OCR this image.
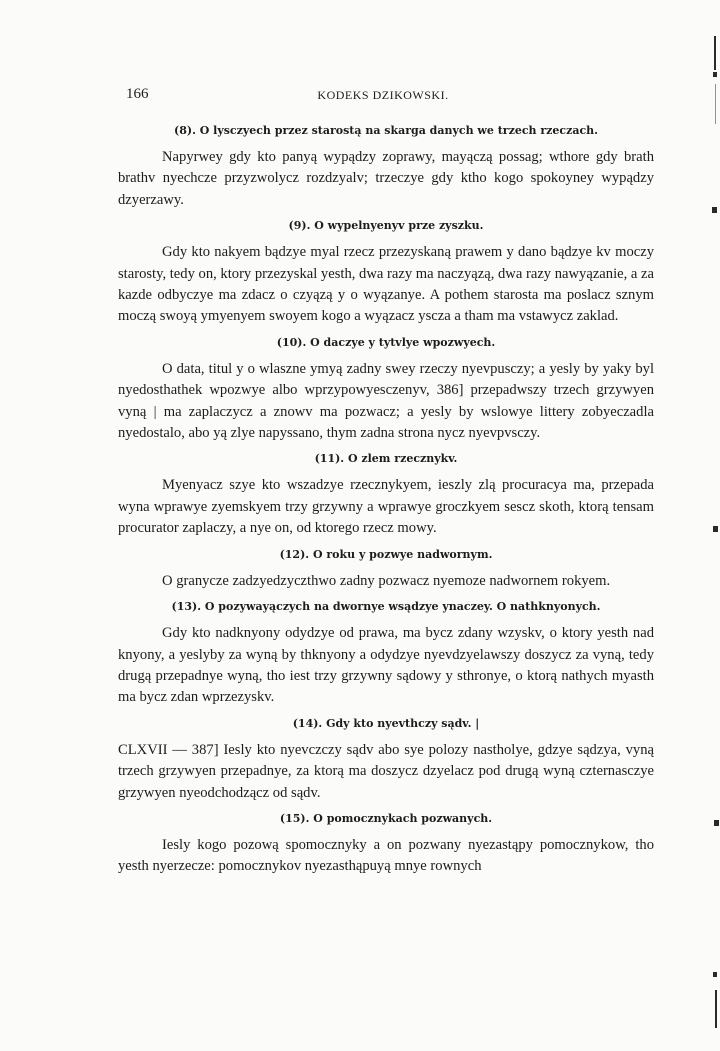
166	KODEKS DZIKOWSKI.
(8). O lysczyech przez starostą na skarga danych we trzech rzeczach.

Napyrwey gdy kto panyą wypądzy zoprawy, mayączą possag; wthore gdy brath brathv nyechcze przyzwolycz rozdzyalv; trzeczye gdy ktho kogo spokoyney wypądzy dzyerzawy.

(9). O wypelnyenyv prze zyszku.

Gdy kto nakyem bądzye myal rzecz przezyskaną prawem y dano bądzye kv moczy starosty, tedy on, ktory przezyskal yesth, dwa razy ma naczyązą, dwa razy nawyązanie, a za kazde odbyczye ma zdacz o czyązą y o wyązanye. A pothem starosta ma poslacz sznym moczą swoyą ymyenyem swoyem kogo a wyązacz yscza a tham ma vstawycz zaklad.

(10). O daczye y tytvlye wpozwyech.

O data, titul y o wlaszne ymyą zadny swey rzeczy nyevpusczy; a yesly by yaky byl nyedosthathek wpozwye albo wprzypowyesczenyv, 386] przepadwszy trzech grzywyen vyną | ma zaplaczycz a znowv ma pozwacz; a yesly by wslowye littery zobyeczadla nyedostalo, abo yą zlye napyssano, thym zadna strona nycz nyevpvsczy.

(11). O zlem rzecznykv.

Myenyacz szye kto wszadzye rzecznykyem, ieszly zlą procuracya ma, przepada wyna wprawye zyemskyem trzy grzywny a wprawye groczkyem sescz skoth, ktorą tensam procurator zaplaczy, a nye on, od ktorego rzecz mowy.

(12). O roku y pozwye nadwornym.

O granycze zadzyedzyczthwo zadny pozwacz nyemoze nadwornem rokyem.

(13). O pozywayączych na dwornye wsądzye ynaczey. O nathknyonych.

Gdy kto nadknyony odydzye od prawa, ma bycz zdany wzyskv, o ktory yesth nad knyony, a yeslyby za wyną by thknyony a odydzye nyevdzyelawszy doszycz za vyną, tedy drugą przepadnye wyną, tho iest trzy grzywny sądowy y sthronye, o ktorą nathych myasth ma bycz zdan wprzezyskv.

(14). Gdy kto nyevthczy sądv. |

CLXVII — 387] Iesly kto nyevczczy sądv abo sye polozy nastholye, gdzye sądzya, vyną trzech grzywyen przepadnye, za ktorą ma doszycz dzyelacz pod drugą wyną czternasczye grzywyen nyeodchodząсz od sądv.

(15). O pomocznykach pozwanych.

Iesly kogo pozową spomocznyky a on pozwany nyezastąpy pomocznykow, tho yesth nyerzecze: pomocznykov nyezasthąpuyą mnye rownych
